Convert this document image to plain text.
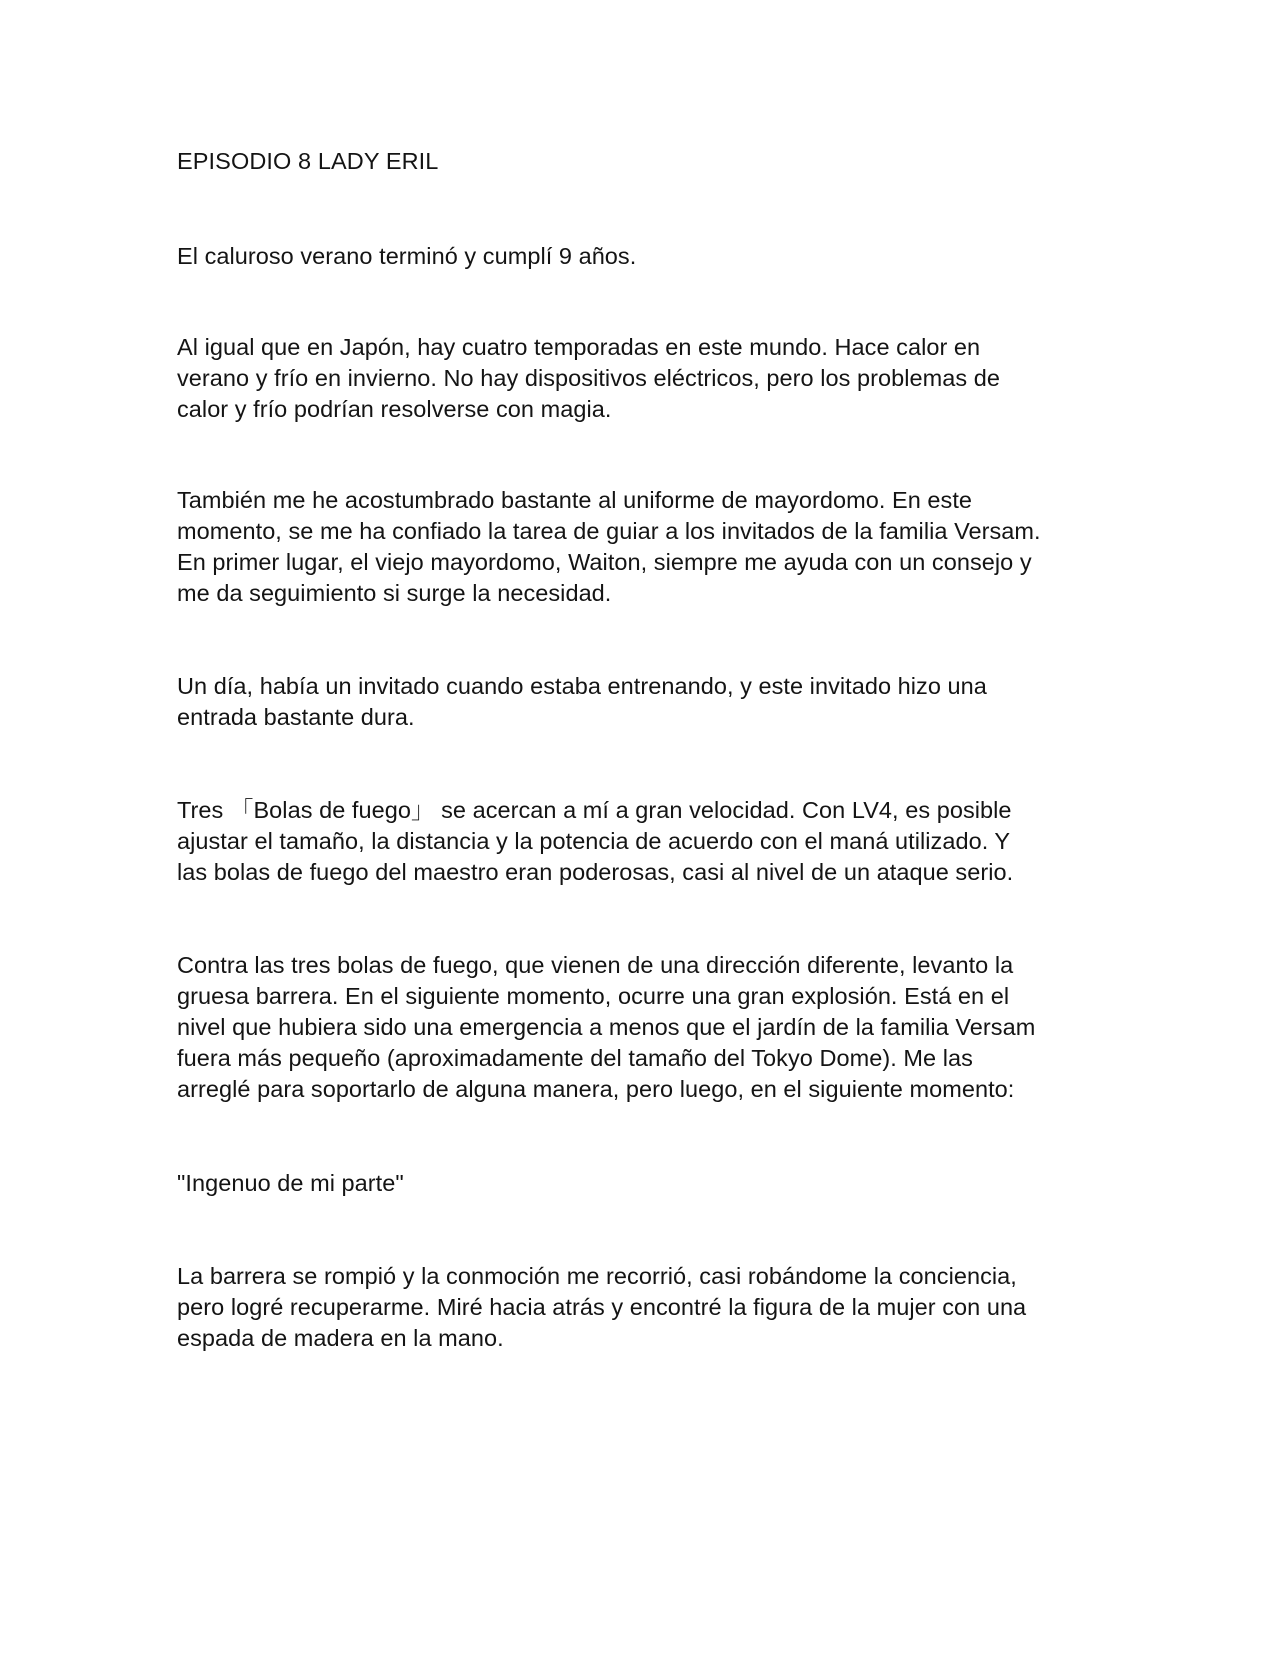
EPISODIO 8 LADY ERIL

El caluroso verano terminó y cumplí 9 años.

Al igual que en Japón, hay cuatro temporadas en este mundo. Hace calor en
verano y frío en invierno. No hay dispositivos eléctricos, pero los problemas de
calor y frío podrían resolverse con magia.

También me he acostumbrado bastante al uniforme de mayordomo. En este
momento, se me ha confiado la tarea de guiar a los invitados de la familia Versam.
En primer lugar, el viejo mayordomo, Waiton, siempre me ayuda con un consejo y
me da seguimiento si surge la necesidad.

Un día, había un invitado cuando estaba entrenando, y este invitado hizo una
entrada bastante dura.

Tres 「Bolas de fuego」 se acercan a mí a gran velocidad. Con LV4, es posible
ajustar el tamaño, la distancia y la potencia de acuerdo con el maná utilizado. Y
las bolas de fuego del maestro eran poderosas, casi al nivel de un ataque serio.

Contra las tres bolas de fuego, que vienen de una dirección diferente, levanto la
gruesa barrera. En el siguiente momento, ocurre una gran explosión. Está en el
nivel que hubiera sido una emergencia a menos que el jardín de la familia Versam
fuera más pequeño (aproximadamente del tamaño del Tokyo Dome). Me las
arreglé para soportarlo de alguna manera, pero luego, en el siguiente momento:

"Ingenuo de mi parte"

La barrera se rompió y la conmoción me recorrió, casi robándome la conciencia,
pero logré recuperarme. Miré hacia atrás y encontré la figura de la mujer con una
espada de madera en la mano.
